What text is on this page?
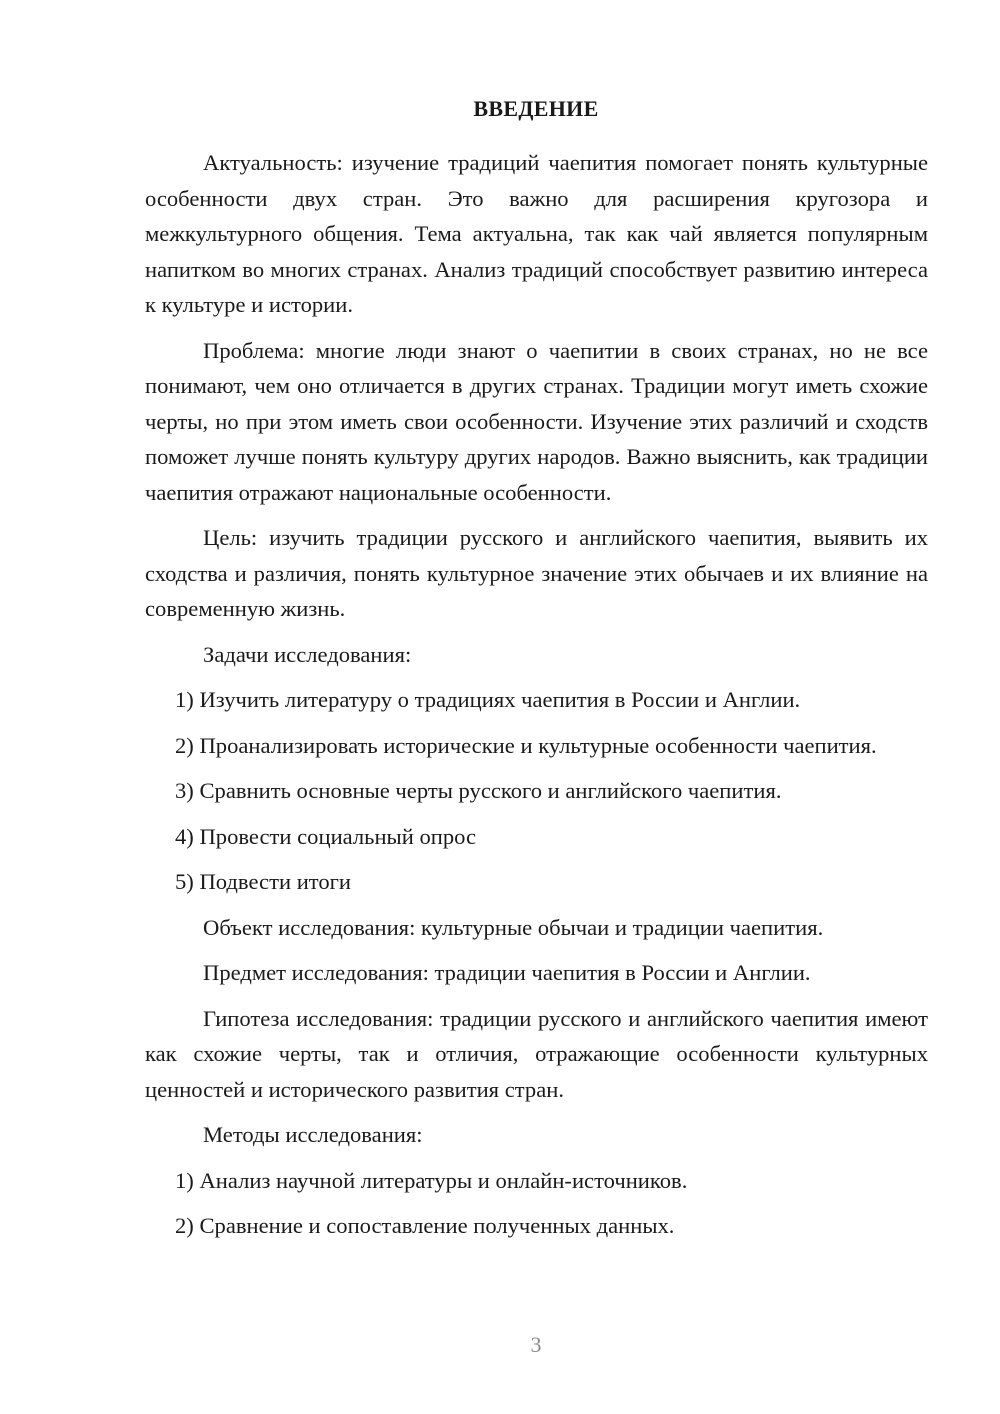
ВВЕДЕНИЕ

Актуальность: изучение традиций чаепития помогает понять культурные особенности двух стран. Это важно для расширения кругозора и межкультурного общения. Тема актуальна, так как чай является популярным напитком во многих странах. Анализ традиций способствует развитию интереса к культуре и истории.

Проблема: многие люди знают о чаепитии в своих странах, но не все понимают, чем оно отличается в других странах. Традиции могут иметь схожие черты, но при этом иметь свои особенности. Изучение этих различий и сходств поможет лучше понять культуру других народов. Важно выяснить, как традиции чаепития отражают национальные особенности.

Цель: изучить традиции русского и английского чаепития, выявить их сходства и различия, понять культурное значение этих обычаев и их влияние на современную жизнь.

Задачи исследования:

1) Изучить литературу о традициях чаепития в России и Англии.

2) Проанализировать исторические и культурные особенности чаепития.

3) Сравнить основные черты русского и английского чаепития.

4) Провести социальный опрос

5) Подвести итоги

Объект исследования: культурные обычаи и традиции чаепития.

Предмет исследования: традиции чаепития в России и Англии.

Гипотеза исследования: традиции русского и английского чаепития имеют как схожие черты, так и отличия, отражающие особенности культурных ценностей и исторического развития стран.

Методы исследования:

1) Анализ научной литературы и онлайн-источников.

2) Сравнение и сопоставление полученных данных.

3
